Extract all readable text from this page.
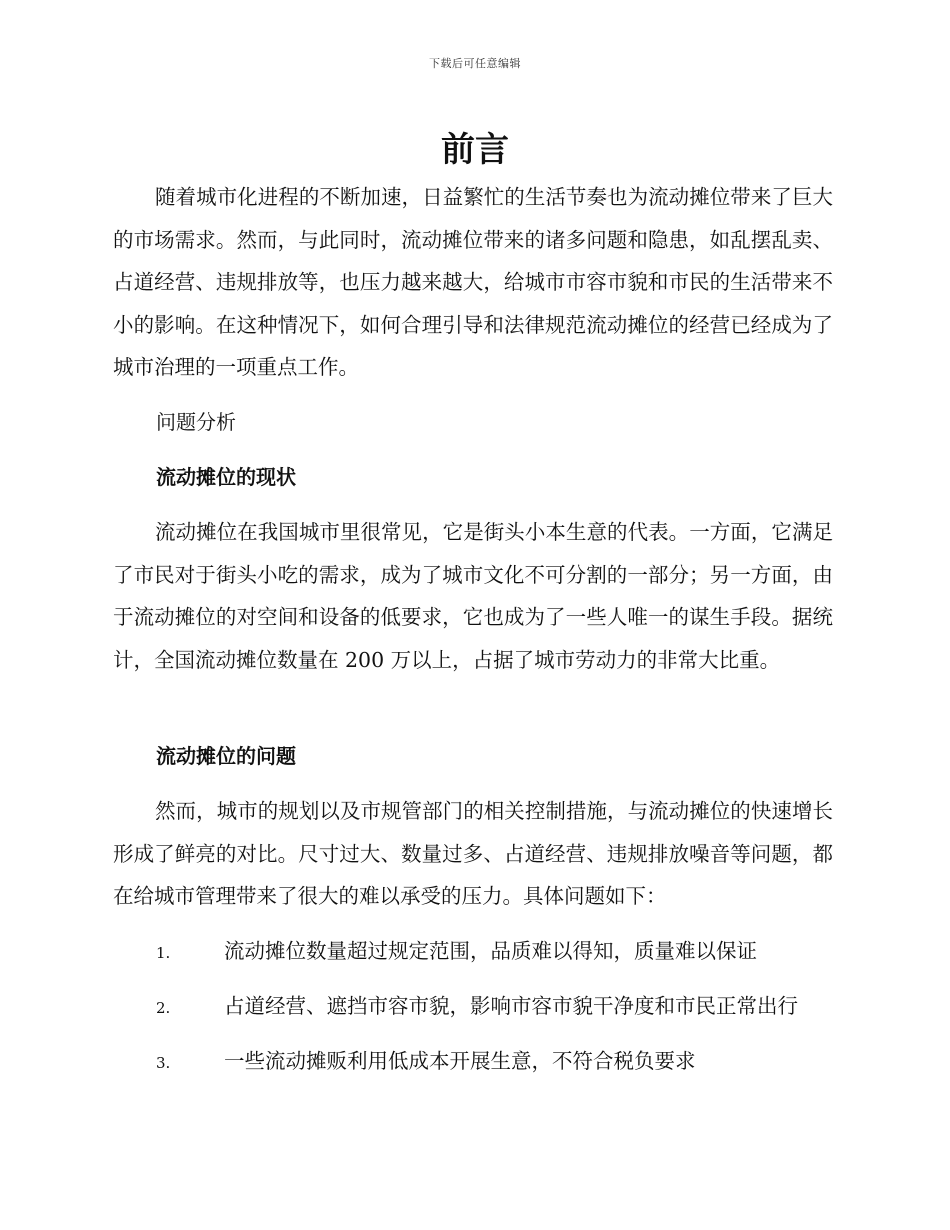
下载后可任意编辑
前言

随着城市化进程的不断加速，日益繁忙的生活节奏也为流动摊位带来了巨大的市场需求。然而，与此同时，流动摊位带来的诸多问题和隐患，如乱摆乱卖、占道经营、违规排放等，也压力越来越大，给城市市容市貌和市民的生活带来不小的影响。在这种情况下，如何合理引导和法律规范流动摊位的经营已经成为了城市治理的一项重点工作。

问题分析
流动摊位的现状

流动摊位在我国城市里很常见，它是街头小本生意的代表。一方面，它满足了市民对于街头小吃的需求，成为了城市文化不可分割的一部分；另一方面，由于流动摊位的对空间和设备的低要求，它也成为了一些人唯一的谋生手段。据统计，全国流动摊位数量在 200 万以上，占据了城市劳动力的非常大比重。

流动摊位的问题

然而，城市的规划以及市规管部门的相关控制措施，与流动摊位的快速增长形成了鲜亮的对比。尺寸过大、数量过多、占道经营、违规排放噪音等问题，都在给城市管理带来了很大的难以承受的压力。具体问题如下：

1.	流动摊位数量超过规定范围，品质难以得知，质量难以保证
2.	占道经营、遮挡市容市貌，影响市容市貌干净度和市民正常出行
3.	一些流动摊贩利用低成本开展生意，不符合税负要求
